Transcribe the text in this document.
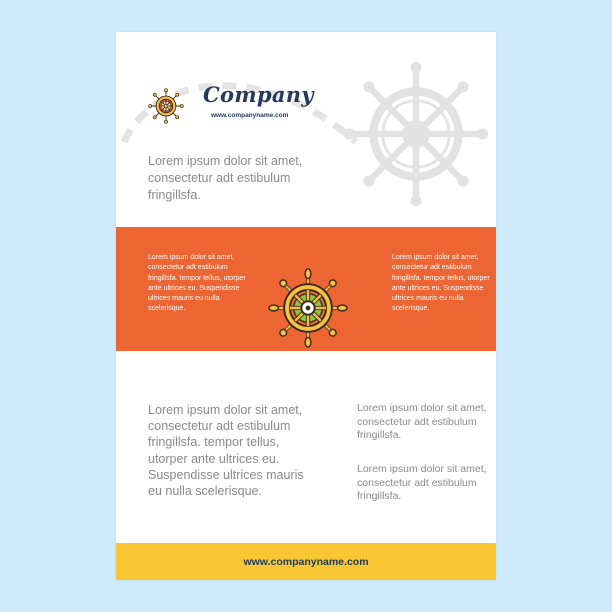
Company
www.companyname.com
Lorem ipsum dolor sit amet, consectetur adt estibulum fringillsfa.
Lorem ipsum dolor sit amet, consectetur adt estibulum fringillsfa. tempor tellus, utorper ante ultrices eu. Suspendisse ultrices mauris eu nulla scelerisque.
Lorem ipsum dolor sit amet, consectetur adt estibulum fringillsfa. tempor tellus, utorper ante ultrices eu. Suspendisse ultrices mauris eu nulla scelerisque.
Lorem ipsum dolor sit amet, consectetur adt estibulum fringillsfa. tempor tellus, utorper ante ultrices eu. Suspendisse ultrices mauris eu nulla scelerisque.
Lorem ipsum dolor sit amet, consectetur adt estibulum fringillsfa.
Lorem ipsum dolor sit amet, consectetur adt estibulum fringillsfa.
www.companyname.com
